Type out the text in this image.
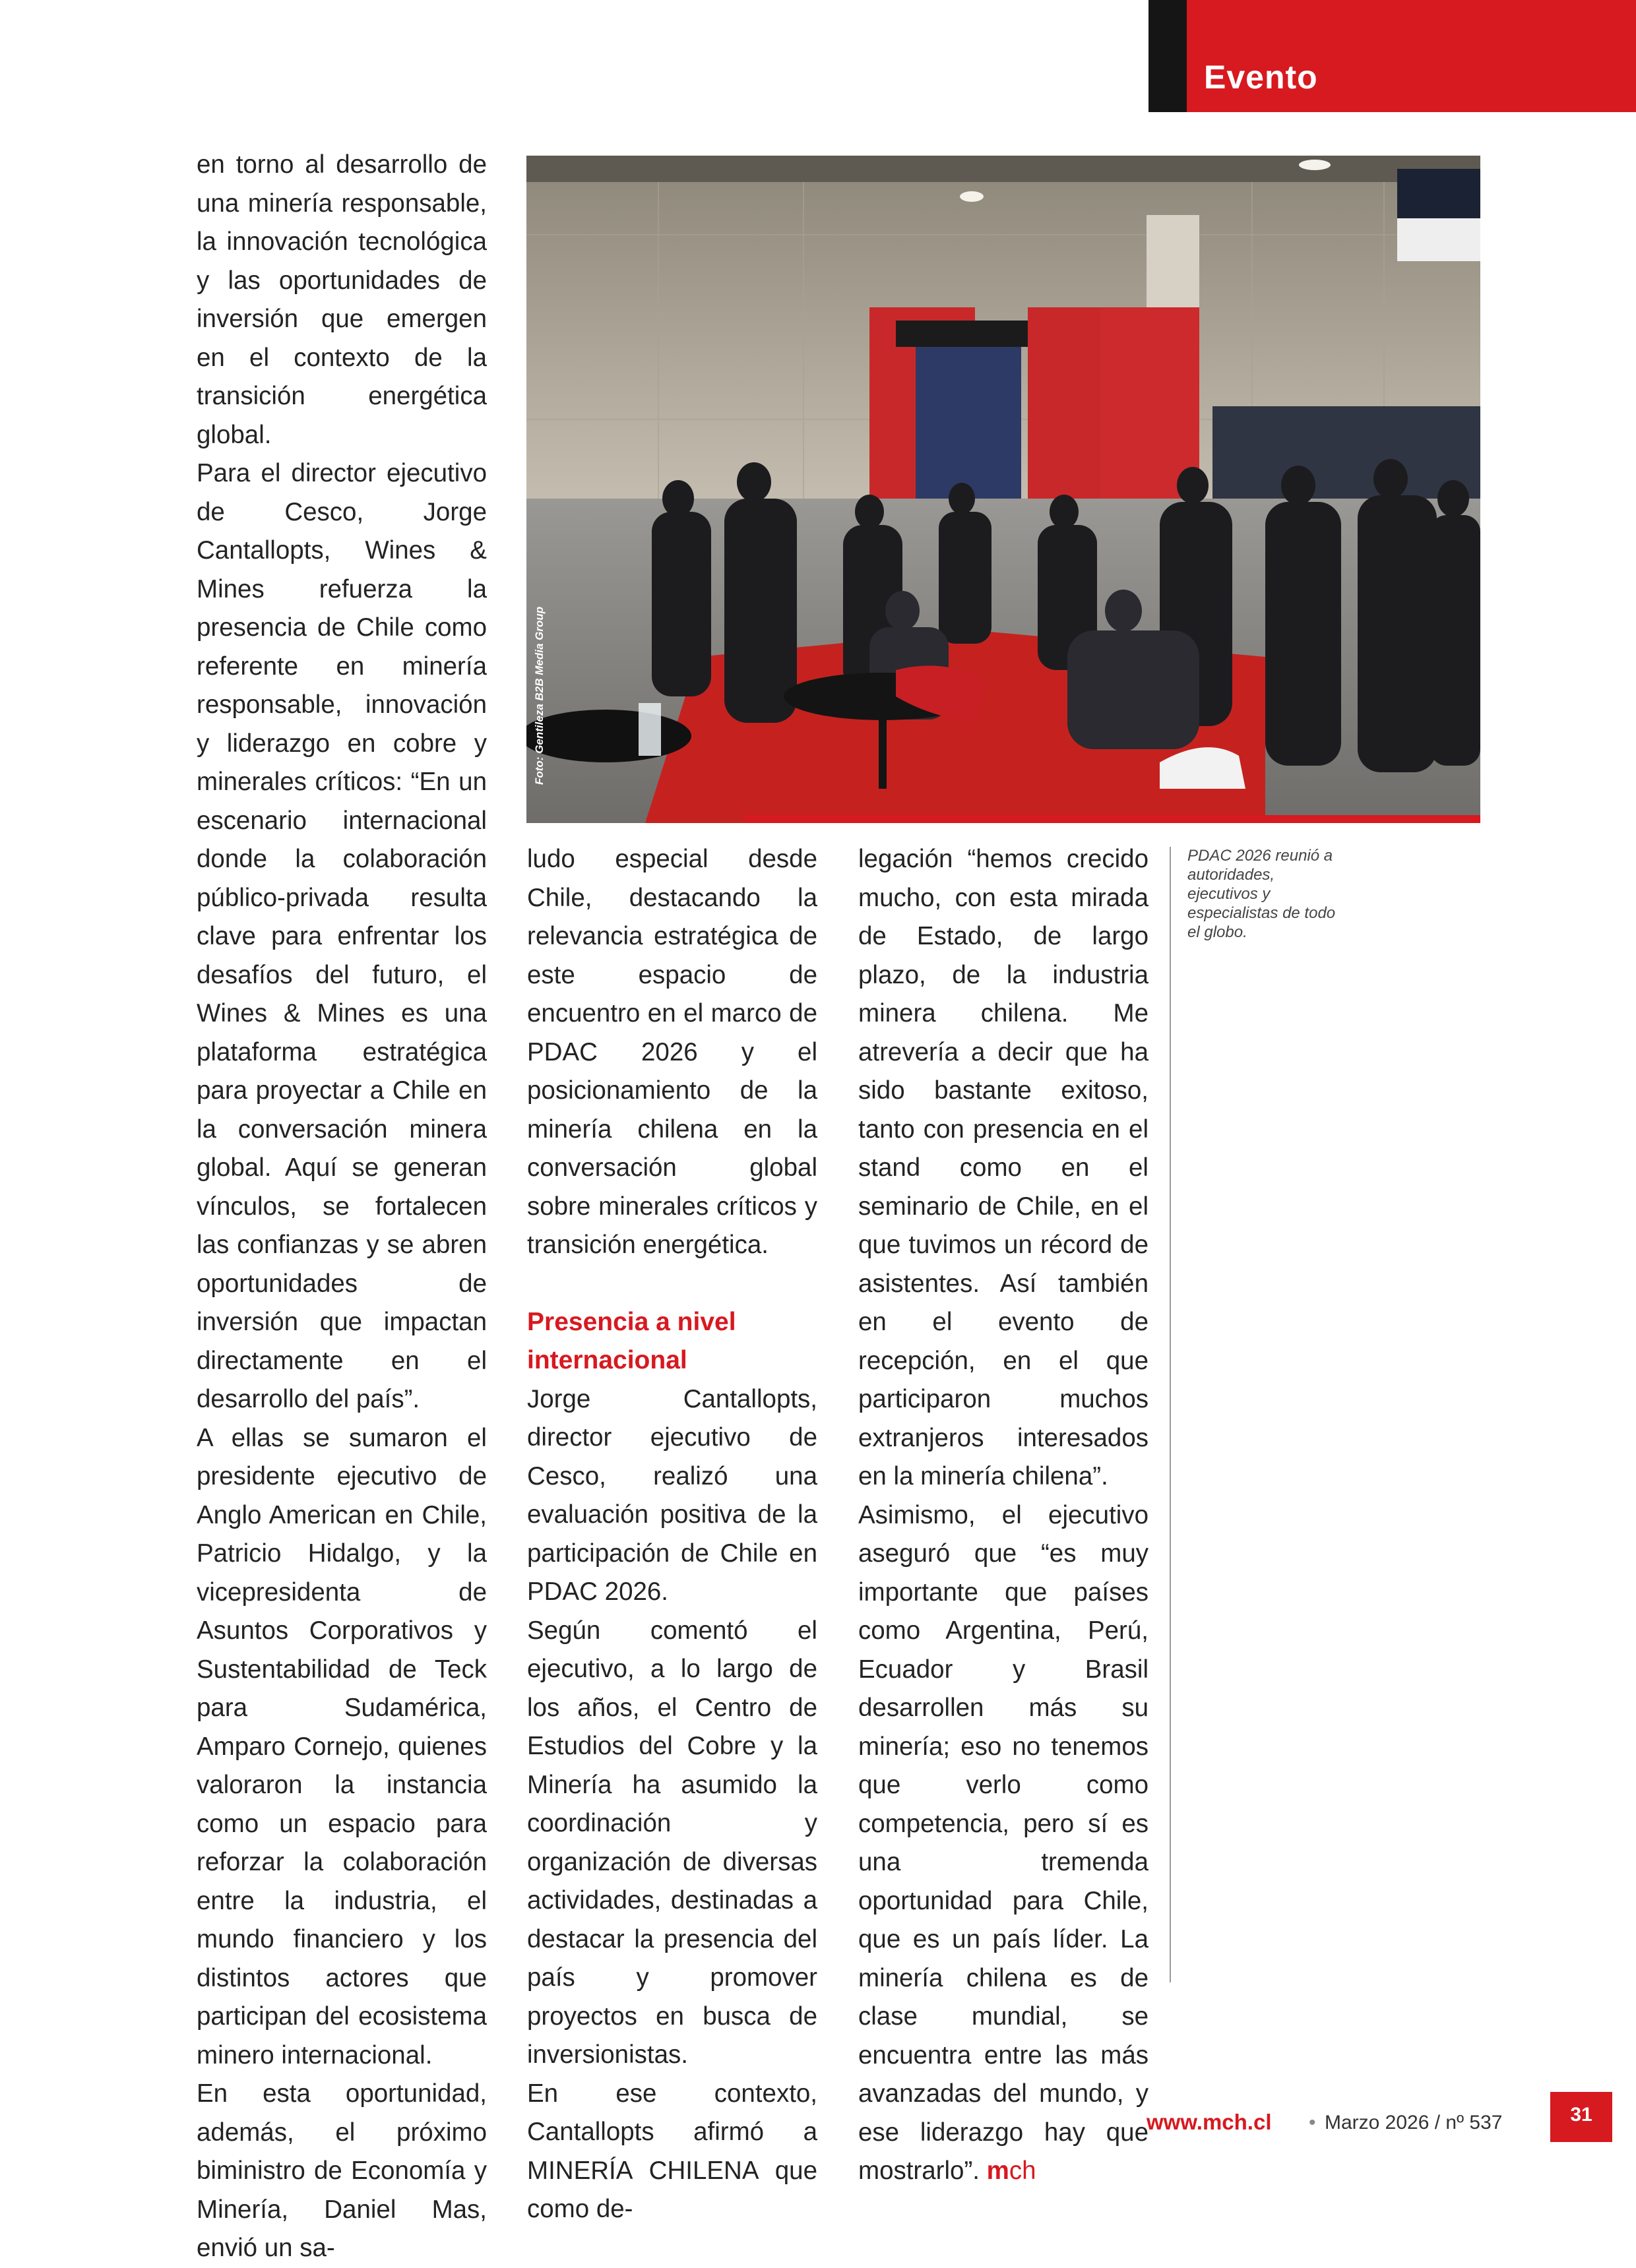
Evento

en torno al desarrollo de una minería responsable, la innovación tecnológica y las oportunidades de inversión que emergen en el contexto de la transición energética global.

Para el director ejecutivo de Cesco, Jorge Cantallopts, Wines & Mines refuerza la presencia de Chile como referente en minería responsable, innovación y liderazgo en cobre y minerales críticos: “En un escenario internacional donde la colaboración público-privada resulta clave para enfrentar los desafíos del futuro, el Wines & Mines es una plataforma estratégica para proyectar a Chile en la conversación minera global. Aquí se generan vínculos, se fortalecen las confianzas y se abren oportunidades de inversión que impactan directamente en el desarrollo del país”.

A ellas se sumaron el presidente ejecutivo de Anglo American en Chile, Patricio Hidalgo, y la vicepresidenta de Asuntos Corporativos y Sustentabilidad de Teck para Sudamérica, Amparo Cornejo, quienes valoraron la instancia como un espacio para reforzar la colaboración entre la industria, el mundo financiero y los distintos actores que participan del ecosistema minero internacional.

En esta oportunidad, además, el próximo biministro de Economía y Minería, Daniel Mas, envió un sa-

Foto: Gentileza B2B Media Group

ludo especial desde Chile, destacando la relevancia estratégica de este espacio de encuentro en el marco de PDAC 2026 y el posicionamiento de la minería chilena en la conversación global sobre minerales críticos y transición energética.

Presencia a nivel internacional

Jorge Cantallopts, director ejecutivo de Cesco, realizó una evaluación positiva de la participación de Chile en PDAC 2026.

Según comentó el ejecutivo, a lo largo de los años, el Centro de Estudios del Cobre y la Minería ha asumido la coordinación y organización de diversas actividades, destinadas a destacar la presencia del país y promover proyectos en busca de inversionistas.

En ese contexto, Cantallopts afirmó a MINERÍA CHILENA que como de-

legación “hemos crecido mucho, con esta mirada de Estado, de largo plazo, de la industria minera chilena. Me atrevería a decir que ha sido bastante exitoso, tanto con presencia en el stand como en el seminario de Chile, en el que tuvimos un récord de asistentes. Así también en el evento de recepción, en el que participaron muchos extranjeros interesados en la minería chilena”.

Asimismo, el ejecutivo aseguró que “es muy importante que países como Argentina, Perú, Ecuador y Brasil desarrollen más su minería; eso no tenemos que verlo como competencia, pero sí es una tremenda oportunidad para Chile, que es un país líder. La minería chilena es de clase mundial, se encuentra entre las más avanzadas del mundo, y ese liderazgo hay que mostrarlo”. mch

PDAC 2026 reunió a autoridades, ejecutivos y especialistas de todo el globo.
www.mch.cl • Marzo 2026 / nº 537	31
